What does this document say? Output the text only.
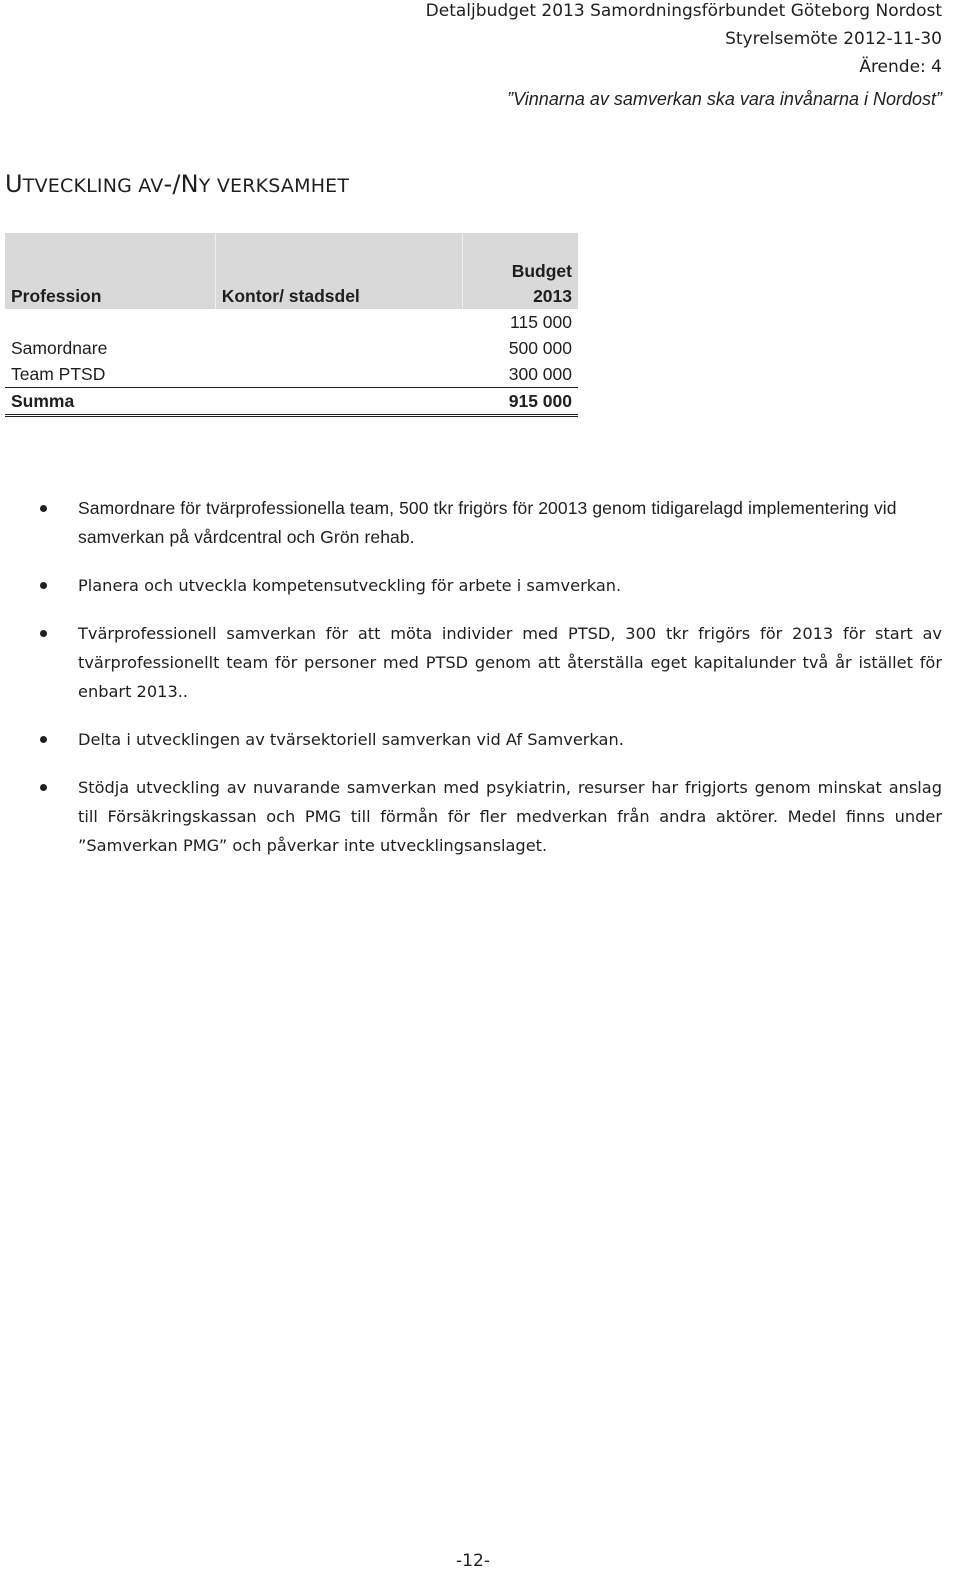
Detaljbudget 2013 Samordningsförbundet Göteborg Nordost
Styrelsemöte 2012-11-30
Ärende: 4
”Vinnarna av samverkan ska vara invånarna i Nordost”
UTVECKLING AV-/NY VERKSAMHET
		Budget
Profession	Kontor/ stadsdel	2013
		115 000
Samordnare		500 000
Team PTSD		300 000
Summa		915 000
Samordnare för tvärprofessionella team, 500 tkr frigörs för 20013 genom tidigarelagd implementering vid samverkan på vårdcentral och Grön rehab.
Planera och utveckla kompetensutveckling för arbete i samverkan.
Tvärprofessionell samverkan för att möta individer med PTSD, 300 tkr frigörs för 2013 för start av tvärprofessionellt team för personer med PTSD genom att återställa eget kapitalunder två år istället för enbart 2013..
Delta i utvecklingen av tvärsektoriell samverkan vid Af Samverkan.
Stödja utveckling av nuvarande samverkan med psykiatrin, resurser har frigjorts genom minskat anslag till Försäkringskassan och PMG till förmån för fler medverkan från andra aktörer. Medel finns under ”Samverkan PMG” och påverkar inte utvecklingsanslaget.
-12-
